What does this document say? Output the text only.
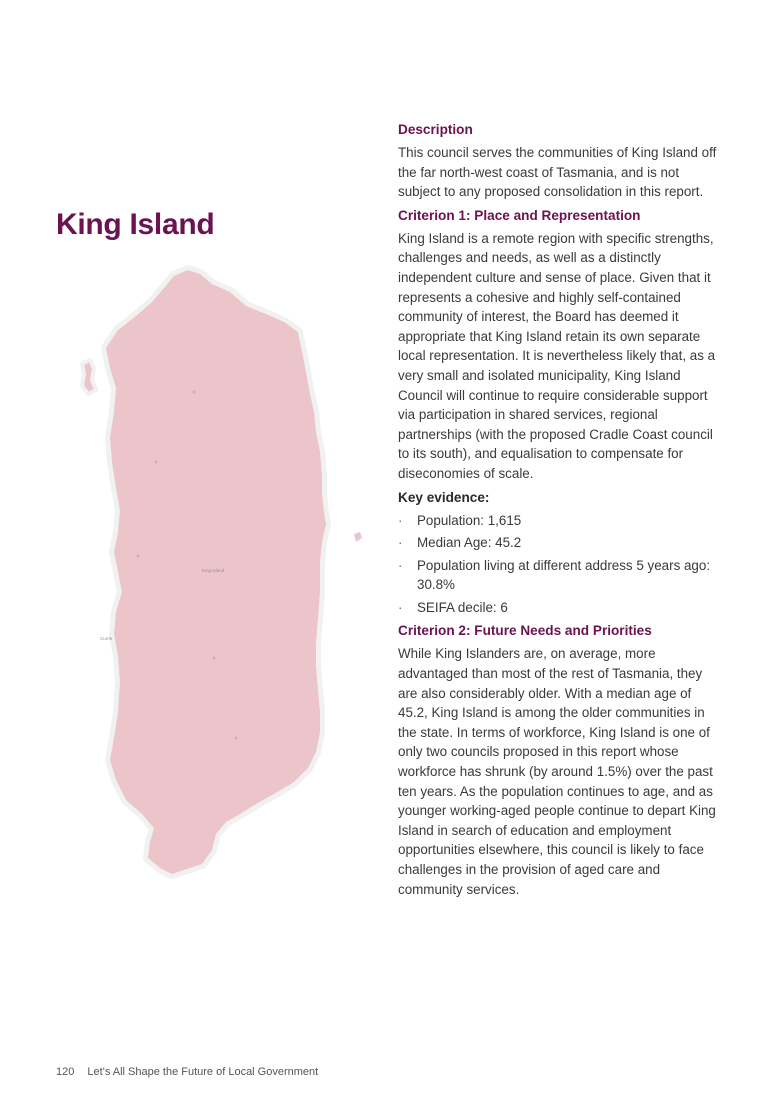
King Island
Currie
King Island
Description

This council serves the communities of King Island off the far north-west coast of Tasmania, and is not subject to any proposed consolidation in this report.

Criterion 1: Place and Representation

King Island is a remote region with specific strengths, challenges and needs, as well as a distinctly independent culture and sense of place. Given that it represents a cohesive and highly self-contained community of interest, the Board has deemed it appropriate that King Island retain its own separate local representation. It is nevertheless likely that, as a very small and isolated municipality, King Island Council will continue to require considerable support via participation in shared services, regional partnerships (with the proposed Cradle Coast council to its south), and equalisation to compensate for diseconomies of scale.

Key evidence:
· Population: 1,615
· Median Age: 45.2
· Population living at different address 5 years ago: 30.8%
· SEIFA decile: 6
Criterion 2: Future Needs and Priorities

While King Islanders are, on average, more advantaged than most of the rest of Tasmania, they are also considerably older. With a median age of 45.2, King Island is among the older communities in the state. In terms of workforce, King Island is one of only two councils proposed in this report whose workforce has shrunk (by around 1.5%) over the past ten years. As the population continues to age, and as younger working-aged people continue to depart King Island in search of education and employment opportunities elsewhere, this council is likely to face challenges in the provision of aged care and community services.

120 Let's All Shape the Future of Local Government
